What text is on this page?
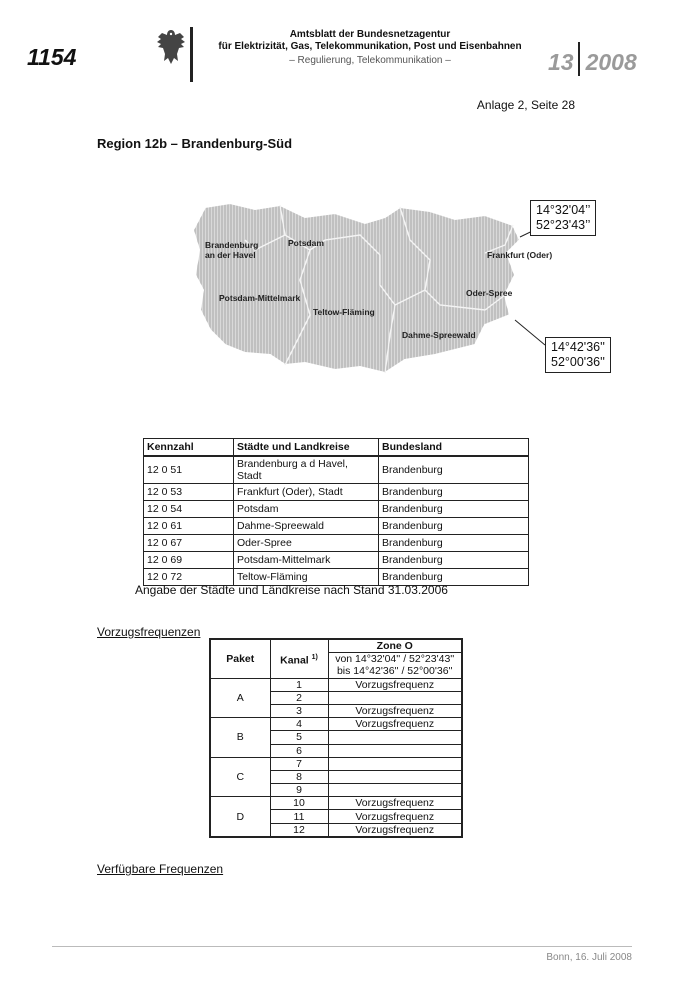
1154
Amtsblatt der Bundesnetzagentur
für Elektrizität, Gas, Telekommunikation, Post und Eisenbahnen
– Regulierung, Telekommunikation –	13 2008
Anlage 2, Seite 28
Region 12b – Brandenburg-Süd
Brandenburg
an der Havel
Potsdam
Frankfurt (Oder)
Oder-Spree
Potsdam-Mittelmark
Teltow-Fläming
Dahme-Spreewald
14°32'04’’
52°23'43’’
14°42'36''
52°00'36''
Kennzahl	Städte und Landkreise	Bundesland
12 0 51	Brandenburg a d Havel, Stadt	Brandenburg
12 0 53	Frankfurt (Oder), Stadt	Brandenburg
12 0 54	Potsdam	Brandenburg
12 0 61	Dahme-Spreewald	Brandenburg
12 0 67	Oder-Spree	Brandenburg
12 0 69	Potsdam-Mittelmark	Brandenburg
12 0 72	Teltow-Fläming	Brandenburg
Angabe der Städte und Ländkreise nach Stand 31.03.2006
Vorzugsfrequenzen
Paket	Kanal $^{1)}$	Zone O
		von 14°32'04'' / 52°23'43''
		bis 14°42'36'' / 52°00'36''
A	1	Vorzugsfrequenz
	2	
	3	Vorzugsfrequenz
B	4	Vorzugsfrequenz
	5	
	6	
C	7	
	8	
	9	
D	10	Vorzugsfrequenz
	11	Vorzugsfrequenz
	12	Vorzugsfrequenz
Verfügbare Frequenzen
Bonn, 16. Juli 2008
